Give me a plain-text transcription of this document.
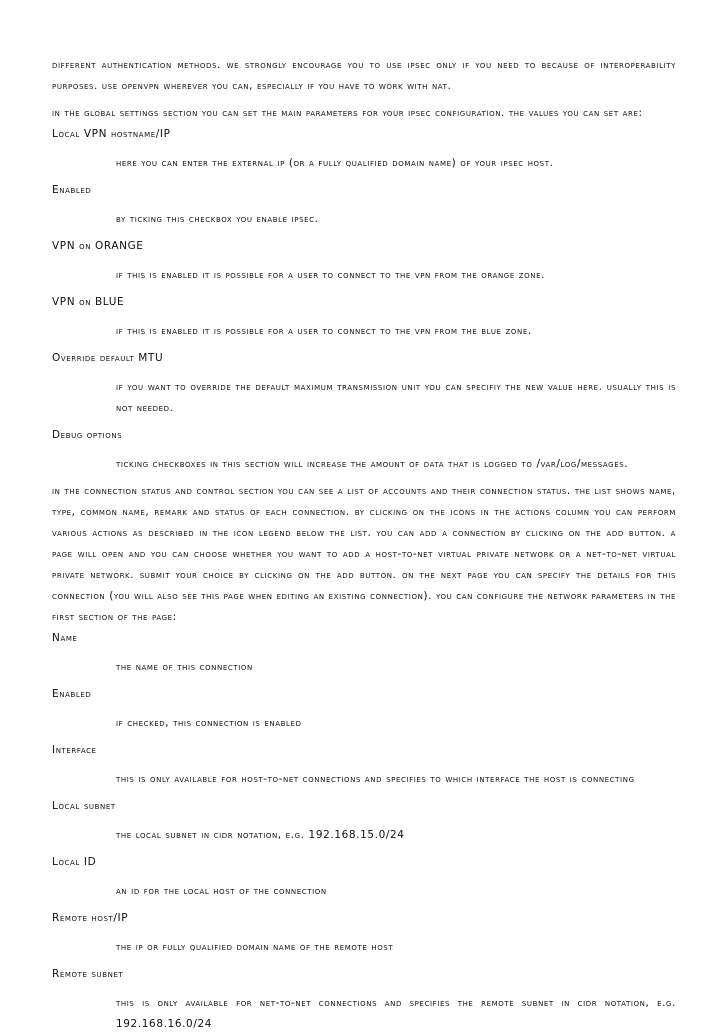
different authentication methods. we strongly encourage you to use ipsec only if you need to because of interoperability purposes. use openvpn wherever you can, especially if you have to work with nat.

in the global settings section you can set the main parameters for your ipsec configuration. the values you can set are:

Local VPN hostname/IP

here you can enter the external ip (or a fully qualified domain name) of your ipsec host.

Enabled

by ticking this checkbox you enable ipsec.

VPN on ORANGE

if this is enabled it is possible for a user to connect to the vpn from the orange zone.

VPN on BLUE

if this is enabled it is possible for a user to connect to the vpn from the blue zone.

Override default MTU

if you want to override the default maximum transmission unit you can specifiy the new value here. usually this is not needed.

Debug options

ticking checkboxes in this section will increase the amount of data that is logged to /var/log/messages.

in the connection status and control section you can see a list of accounts and their connection status. the list shows name, type, common name, remark and status of each connection. by clicking on the icons in the actions column you can perform various actions as described in the icon legend below the list. you can add a connection by clicking on the add button. a page will open and you can choose whether you want to add a host-to-net virtual private network or a net-to-net virtual private network. submit your choice by clicking on the add button. on the next page you can specify the details for this connection (you will also see this page when editing an existing connection). you can configure the network parameters in the first section of the page:

Name

the name of this connection

Enabled

if checked, this connection is enabled

Interface

this is only available for host-to-net connections and specifies to which interface the host is connecting

Local subnet

the local subnet in cidr notation, e.g. 192.168.15.0/24

Local ID

an id for the local host of the connection

Remote host/IP

the ip or fully qualified domain name of the remote host

Remote subnet

this is only available for net-to-net connections and specifies the remote subnet in cidr notation, e.g. 192.168.16.0/24
